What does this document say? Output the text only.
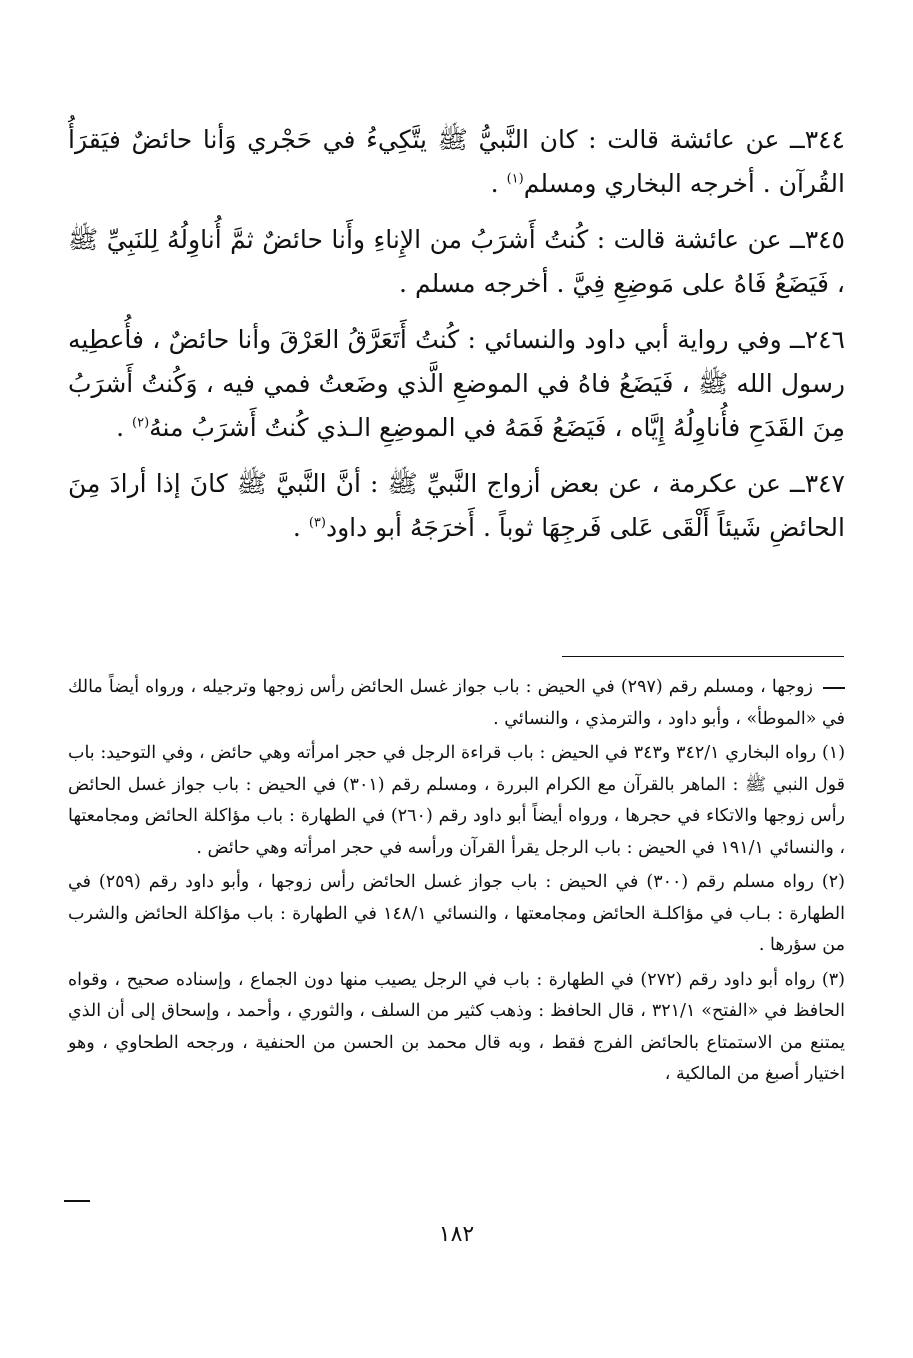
٣٤٤ــ عن عائشة قالت : كان النَّبيُّ ﷺ يتَّكِيءُ في حَجْري وَأنا حائضٌ فيَقرَأُ القُرآن . أخرجه البخاري ومسلم$^{(١)}$ .

٣٤٥ــ عن عائشة قالت : كُنتُ أَشرَبُ من الإِناءِ وأَنا حائضٌ ثمَّ أُناوِلُهُ لِلنَبِيِّ ﷺ ، فَيَضَعُ فَاهُ على مَوضِعِ فِيَّ . أخرجه مسلم .

٢٤٦ــ وفي رواية أبي داود والنسائي : كُنتُ أَتَعَرَّقُ العَرْقَ وأنا حائضٌ ، فأُعطِيه رسول الله ﷺ ، فَيَضَعُ فاهُ في الموضعِ الَّذي وضَعتُ فمي فيه ، وَكُنتُ أَشرَبُ مِنَ القَدَحِ فأُناوِلُهُ إِيَّاه ، فَيَضَعُ فَمَهُ في الموضِعِ الـذي كُنتُ أَشرَبُ منهُ$^{(٢)}$ .

٣٤٧ــ عن عكرمة ، عن بعض أزواج النَّبيِّ ﷺ : أنَّ النَّبيَّ ﷺ كانَ إذا أرادَ مِنَ الحائضِ شَيئاً أَلْقَى عَلى فَرجِهَا ثوباً . أَخرَجَهُ أبو داود$^{(٣)}$ .

زوجها ، ومسلم رقم (٢٩٧) في الحيض : باب جواز غسل الحائض رأس زوجها وترجيله ، ورواه أيضاً مالك في «الموطأ» ، وأبو داود ، والترمذي ، والنسائي .

(١) رواه البخاري ٣٤٢/١ و٣٤٣ في الحيض : باب قراءة الرجل في حجر امرأته وهي حائض ، وفي التوحيد: باب قول النبي ﷺ : الماهر بالقرآن مع الكرام البررة ، ومسلم رقم (٣٠١) في الحيض : باب جواز غسل الحائض رأس زوجها والاتكاء في حجرها ، ورواه أيضاً أبو داود رقم (٢٦٠) في الطهارة : باب مؤاكلة الحائض ومجامعتها ، والنسائي ١٩١/١ في الحيض : باب الرجل يقرأ القرآن ورأسه في حجر امرأته وهي حائض .

(٢) رواه مسلم رقم (٣٠٠) في الحيض : باب جواز غسل الحائض رأس زوجها ، وأبو داود رقم (٢٥٩) في الطهارة : بـاب في مؤاكلـة الحائض ومجامعتها ، والنسائي ١٤٨/١ في الطهارة : باب مؤاكلة الحائض والشرب من سؤرها .

(٣) رواه أبو داود رقم (٢٧٢) في الطهارة : باب في الرجل يصيب منها دون الجماع ، وإسناده صحيح ، وقواه الحافظ في «الفتح» ٣٢١/١ ، قال الحافظ : وذهب كثير من السلف ، والثوري ، وأحمد ، وإسحاق إلى أن الذي يمتنع من الاستمتاع بالحائض الفرج فقط ، وبه قال محمد بن الحسن من الحنفية ، ورجحه الطحاوي ، وهو اختيار أصبغ من المالكية ،

١٨٢
